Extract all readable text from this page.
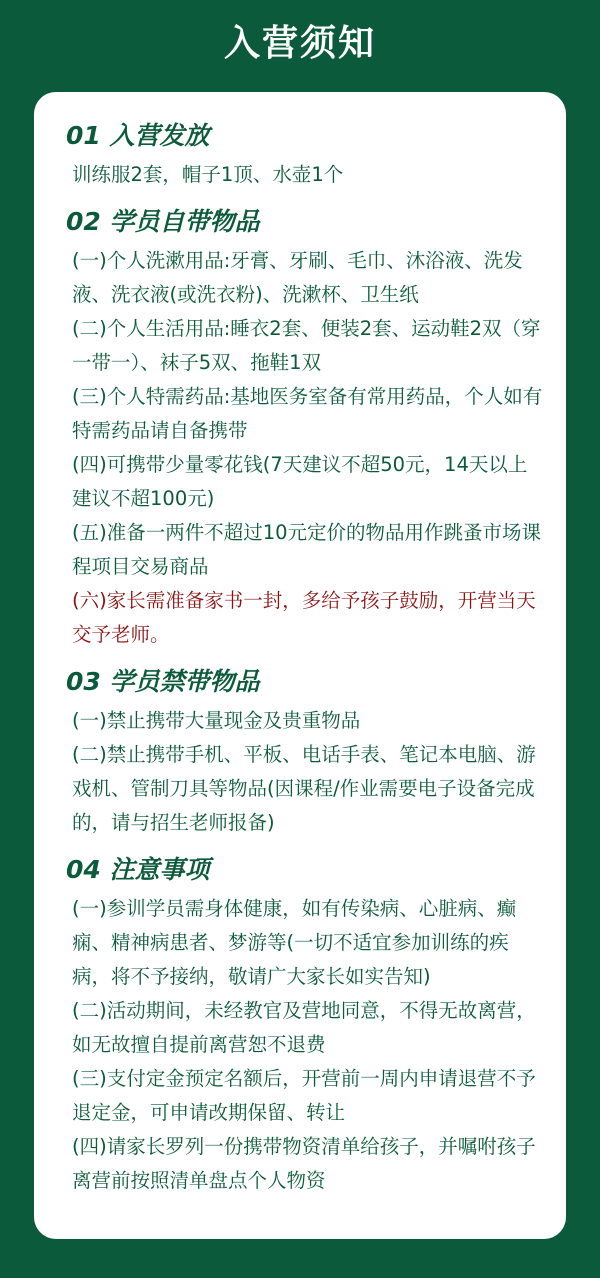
入营须知
01 入营发放

训练服2套，帽子1顶、水壶1个

02 学员自带物品

(一)个人洗漱用品:牙膏、牙刷、毛巾、沐浴液、洗发液、洗衣液(或洗衣粉)、洗漱杯、卫生纸

(二)个人生活用品:睡衣2套、便装2套、运动鞋2双（穿一带一）、袜子5双、拖鞋1双

(三)个人特需药品:基地医务室备有常用药品，个人如有特需药品请自备携带

(四)可携带少量零花钱(7天建议不超50元，14天以上建议不超100元)

(五)准备一两件不超过10元定价的物品用作跳蚤市场课程项目交易商品

(六)家长需准备家书一封，多给予孩子鼓励，开营当天交予老师。

03 学员禁带物品

(一)禁止携带大量现金及贵重物品

(二)禁止携带手机、平板、电话手表、笔记本电脑、游戏机、管制刀具等物品(因课程/作业需要电子设备完成的，请与招生老师报备)

04 注意事项

(一)参训学员需身体健康，如有传染病、心脏病、癫痫、精神病患者、梦游等(一切不适宜参加训练的疾病，将不予接纳，敬请广大家长如实告知)

(二)活动期间，未经教官及营地同意，不得无故离营，如无故擅自提前离营恕不退费

(三)支付定金预定名额后，开营前一周内申请退营不予退定金，可申请改期保留、转让

(四)请家长罗列一份携带物资清单给孩子，并嘱咐孩子离营前按照清单盘点个人物资
